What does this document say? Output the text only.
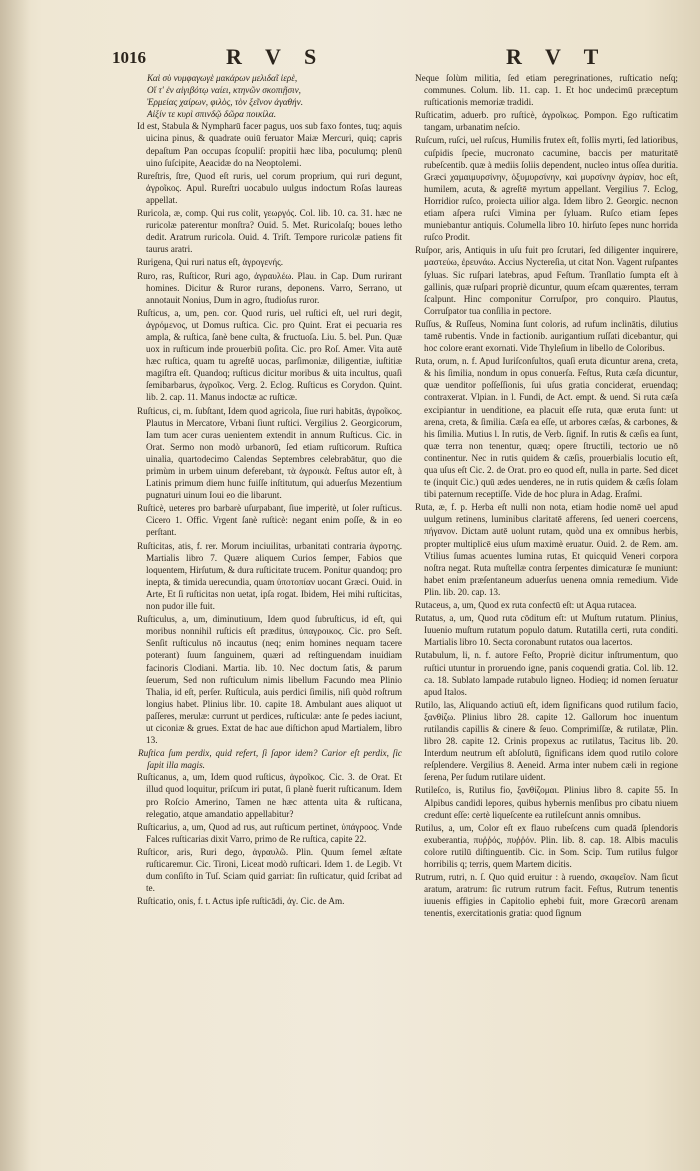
1016	R V S	R V T
Καὶ σὺ νυμφαγωγὲ μακάρων μελιδαῖ ἱερὲ,
Οἵ τ' ἐν αἰγιβότῳ ναίει, κτηνῶν σκοπιῇσιν,
Ἐρμείας χαίρων, φιλὸς, τὸν ξεῖνον ἀγαθήν.
Αἰξίν τε κυρὶ σπινδῷ δῶρα ποικίλα.

Id est, Stabula & Nympharū facer pagus, uos sub faxo fontes, tuq; aquis uicina pinus, & quadrate ouiū feruator Maiæ Mercuri, quiq; capris depaſtum Pan occupas ſcopuliſ: propitii hæc liba, poculumq; plenū uino ſuſcipite, Aeacidæ do na Neoptolemi.

Rureſtris, ſtre, Quod eſt ruris, uel corum proprium, qui ruri degunt, ἀγροῖκος. Apul. Rureſtri uocabulo uulgus indoctum Roſas laureas appellat.

Ruricola, æ, comp. Qui rus colit, γεωργός. Col. lib. 10. ca. 31. hæc ne ruricolæ paterentur monſtra? Ouid. 5. Met. Ruricolaſq; boues letho dedit. Aratrum ruricola. Ouid. 4. Triſt. Tempore ruricolæ patiens fit taurus aratri.

Rurigena, Qui ruri natus eſt, ἀγρογενής.

Ruro, ras, Ruſticor, Ruri ago, ἀγραυλέω. Plau. in Cap. Dum rurirant homines. Dicitur & Ruror rurans, deponens. Varro, Serrano, ut annotauit Nonius, Dum in agro, ſtudioſus ruror.

Ruſticus, a, um, pen. cor. Quod ruris, uel ruſtici eſt, uel ruri degit, ἀγρόμενος, ut Domus ruſtica. Cic. pro Quint. Erat ei pecuaria res ampla, & ruſtica, ſanè bene culta, & fructuoſa. Liu. 5. bel. Pun. Quæ uox in ruſticum inde prouerbiū poſita. Cic. pro Roſ. Amer. Vita autē hæc ruſtica, quam tu agreſtē uocas, parſimoniæ, diligentiæ, iuſtitiæ magiſtra eſt. Quandoq; ruſticus dicitur moribus & uita incultus, quaſi ſemibarbarus, ἀγροῖκος. Verg. 2. Eclog. Ruſticus es Corydon. Quint. lib. 2. cap. 11. Manus indoctæ ac ruſticæ.

Ruſticus, ci, m. ſubſtant, Idem quod agricola, ſiue ruri habitās, ἀγροῖκος. Plautus in Mercatore, Vrbani ſiunt ruſtici. Vergilius 2. Georgicorum, Iam tum acer curas uenientem extendit in annum Ruſticus. Cic. in Orat. Sermo non modò urbanorū, ſed etiam ruſticorum. Ruſtica uinalia, quartodecimo Calendas Septembres celebrabātur, quo die primùm in urbem uinum deferebant, τὰ ἀγροικὰ. Feſtus autor eſt, à Latinis primum diem hunc fuiſſe inſtitutum, qui aduerſus Mezentium pugnaturi uinum Ioui eo die libarunt.

Ruſticè, ueteres pro barbarè uſurpabant, ſiue imperitè, ut ſoler ruſticus. Cicero 1. Offic. Vrgent ſanè ruſticè: negant enim poſſe, & in eo perſtant.

Ruſticitas, atis, f. rer. Morum inciuilitas, urbanitati contraria ἀγροτης. Martialis libro 7. Quære aliquem Curios ſemper, Fabios que loquentem, Hirſutum, & dura ruſticitate trucem. Ponitur quandoq; pro inepta, & timida uerecundia, quam ὑποτοπίαν uocant Græci. Ouid. in Arte, Et ſi ruſticitas non uetat, ipſa rogat. Ibidem, Hei mihi ruſticitas, non pudor ille fuit.

Ruſticulus, a, um, diminutiuum, Idem quod ſubruſticus, id eſt, qui moribus nonnihil ruſticis eſt præditus, ὑπαγροικος. Cic. pro Seſt. Senſit ruſticulus nō incautus (neq; enim homines nequam tacere poterant) ſuum ſanguinem, quæri ad reſtinguendam inuidiam facinoris Clodiani. Martia. lib. 10. Nec doctum ſatis, & parum ſeuerum, Sed non ruſticulum nimis libellum Facundo mea Plinio Thalia, id eſt, perſer. Ruſticula, auis perdici ſimilis, niſi quòd roſtrum longius habet. Plinius libr. 10. capite 18. Ambulant aues aliquot ut paſſeres, merulæ: currunt ut perdices, ruſticulæ: ante ſe pedes iaciunt, ut ciconiæ & grues. Extat de hac aue diſtichon apud Martialem, libro 13.

Ruſtica ſum perdix, quid refert, ſi ſapor idem? Carior eſt perdix, ſic ſapit illa magis.

Ruſticanus, a, um, Idem quod ruſticus, ἀγροῖκος. Cic. 3. de Orat. Et illud quod loquitur, priſcum iri putat, ſi planè fuerit ruſticanum. Idem pro Roſcio Amerino, Tamen ne hæc attenta uita & ruſticana, relegatio, atque amandatio appellabitur?

Ruſticarius, a, um, Quod ad rus, aut ruſticum pertinet, ὑπάγροος. Vnde Falces ruſticarias dixit Varro, primo de Re ruſtica, capite 22.

Ruſticor, aris, Ruri dego, ἀγραυλῶ. Plin. Quum ſemel æſtate ruſticaremur. Cic. Tironi, Liceat modò ruſticari. Idem 1. de Legib. Vt dum conſiſto in Tuſ. Sciam quid garriat: ſin ruſticatur, quid ſcribat ad te.

Ruſticatio, onis, f. t. Actus ipſe ruſticādi, ἀγ. Cic. de Am.

Neque ſolùm militia, ſed etiam peregrinationes, ruſticatio neſq; communes. Colum. lib. 11. cap. 1. Et hoc undecimū præceptum ruſticationis memoriæ tradidi.

Ruſticatim, aduerb. pro ruſticè, ἀγροῖκως. Pompon. Ego ruſticatim tangam, urbanatim neſcio.

Ruſcum, ruſci, uel ruſcus, Humilis frutex eſt, folîis myrti, ſed latioribus, cuſpidis ſpecie, mucronato cacumine, baccis per maturitatē rubeſcentib. quæ à mediis ſoliis dependent, nucleo intus oſſea duritia. Græci χαμαιμυρσίνην, ὀξυμυρσίνην, καὶ μυρσίνην ἀγρίαν, hoc eſt, humilem, acuta, & agreſtē myrtum appellant. Vergilius 7. Eclog, Horridior ruſco, proiecta uilior alga. Idem libro 2. Georgic. necnon etiam aſpera ruſci Vimina per ſyluam. Ruſco etiam ſepes muniebantur antiquis. Columella libro 10. hirſuto ſepes nunc horrida ruſco Prodit.

Ruſpor, aris, Antiquis in uſu fuit pro ſcrutari, ſed diligenter inquirere, μαστεύω, ἐρευνάω. Accius Nyctereſia, ut citat Non. Vagent ruſpantes ſyluas. Sic ruſpari latebras, apud Feſtum. Tranſlatio ſumpta eſt à gallinis, quæ ruſpari propriè dicuntur, quum eſcam quærentes, terram ſcalpunt. Hinc componitur Corruſpor, pro conquiro. Plautus, Corruſpator tua conſilia in pectore.

Ruſſus, & Ruſſeus, Nomina ſunt coloris, ad rufum inclinātis, dilutius tamē rubentis. Vnde in factionib. aurigantium ruſſati dicebantur, qui hoc colore erant exornati. Vide Thyleſium in libello de Coloribus.

Ruta, orum, n. f. Apud Iuriſconſultos, quaſi eruta dicuntur arena, creta, & his ſimilia, nondum in opus conuerſa. Feſtus, Ruta cæſa dicuntur, quæ uenditor poſſeſſionis, ſui uſus gratia conciderat, eruendaq; contraxerat. Vlpian. in l. Fundi, de Act. empt. & uend. Si ruta cæſa excipiantur in uenditione, ea placuit eſſe ruta, quæ eruta ſunt: ut arena, creta, & ſimilia. Cæſa ea eſſe, ut arbores cæſas, & carbones, & his ſimilia. Mutius l. In rutis, de Verb. ſignif. In rutis & cæſis ea ſunt, quæ terra non tenentur, quæq; opere ſtructili, tectorio ue nō continentur. Nec in rutis quidem & cæſis, prouerbialis locutio eſt, qua uſus eſt Cic. 2. de Orat. pro eo quod eſt, nulla in parte. Sed dicet te (inquit Cic.) quū ædes uenderes, ne in rutis quidem & cæſis ſolam tibi paternum receptiſſe. Vide de hoc plura in Adag. Eraſmi.

Ruta, æ, f. p. Herba eſt nulli non nota, etiam hodie nomē uel apud uulgum retinens, luminibus claritatē afferens, ſed ueneri coercens, πήγανον. Dictam autē uolunt rutam, quòd una ex omnibus herbis, propter multiplicē eius uſum maximè eruatur. Ouid. 2. de Rem. am. Vtilius ſumas acuentes lumina rutas, Et quicquid Veneri corpora noſtra negat. Ruta muſtellæ contra ſerpentes dimicaturæ ſe muniunt: habet enim præſentaneum aduerſus uenena omnia remedium. Vide Plin. lib. 20. cap. 13.

Rutaceus, a, um, Quod ex ruta confectū eſt: ut Aqua rutacea.

Rutatus, a, um, Quod ruta cōditum eſt: ut Muſtum rutatum. Plinius, Iuuenio muſtum rutatum populo datum. Rutatilla certi, ruta conditi. Martialis libro 10. Secta coronabunt rutatos oua lacertos.

Rutabulum, li, n. f. autore Feſto, Propriè dicitur inſtrumentum, quo ruſtici utuntur in proruendo igne, panis coquendi gratia. Col. lib. 12. ca. 18. Sublato lampade rutabulo ligneo. Hodieq; id nomen ſeruatur apud Italos.

Rutilo, las, Aliquando actiuū eſt, idem ſignificans quod rutilum facio, ξανθίζω. Plinius libro 28. capite 12. Gallorum hoc inuentum rutilandis capillis & cinere & ſeuo. Comprimiſſæ, & rutilatæ, Plin. libro 28. capite 12. Crinis propexus ac rutilatus, Tacitus lib. 20. Interdum neutrum eſt abſolutū, ſignificans idem quod rutilo colore reſplendere. Vergilius 8. Aeneid. Arma inter nubem cæli in regione ſerena, Per ſudum rutilare uident.

Rutileſco, is, Rutilus fio, ξανθίζομαι. Plinius libro 8. capite 55. In Alpibus candidi lepores, quibus hybernis menſibus pro cibatu niuem credunt eſſe: certè liqueſcente ea rutileſcunt annis omnibus.

Rutilus, a, um, Color eſt ex flauo rubeſcens cum quadā ſplendoris exuberantia, πυῤῥός, πυῤῥόν. Plin. lib. 8. cap. 18. Albis maculis colore rutilū diſtinguentib. Cic. in Som. Scip. Tum rutilus fulgor horribilis q; terris, quem Martem dicitis.

Rutrum, rutri, n. ſ. Quo quid eruitur : à ruendo, σκαφεῖον. Nam ſicut aratum, aratrum: ſic rutrum rutrum facit. Feſtus, Rutrum tenentis iuuenis effigies in Capitolio ephebi fuit, more Græcorū arenam tenentis, exercitationis gratia: quod ſignum
